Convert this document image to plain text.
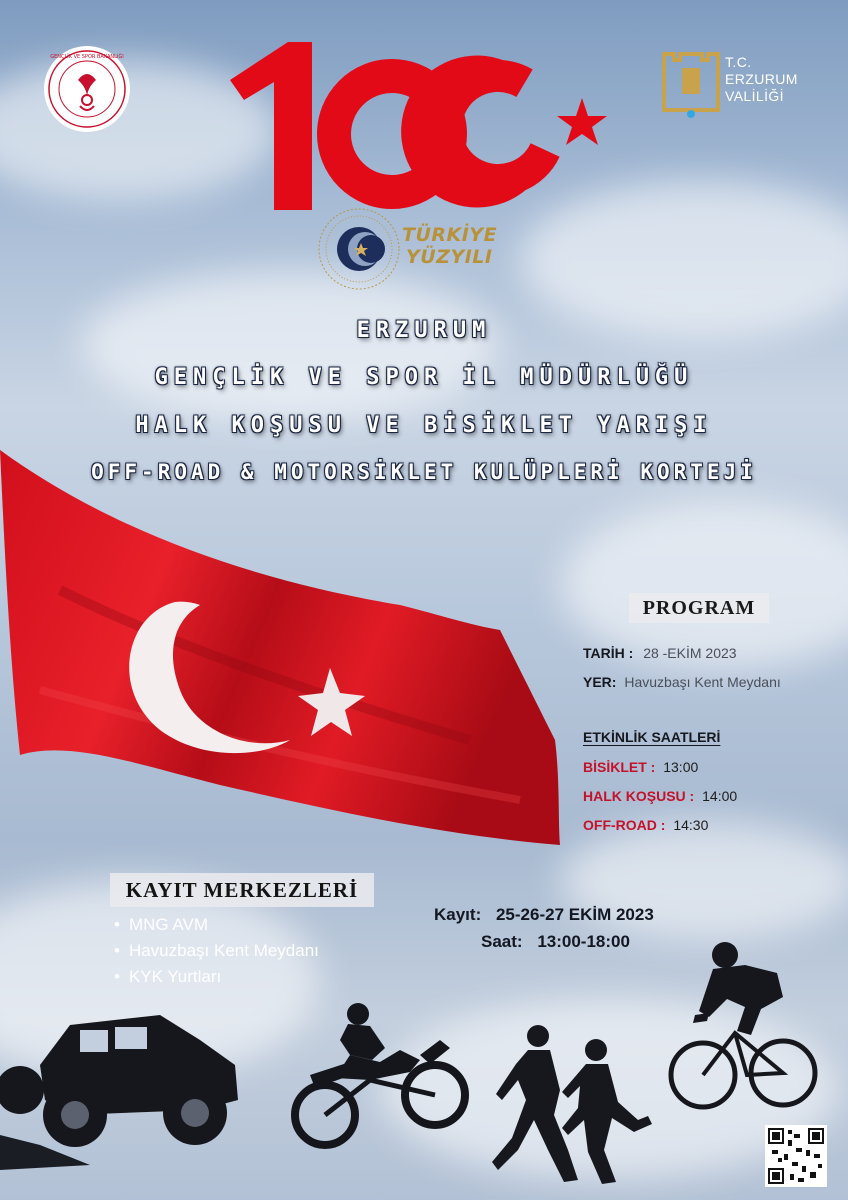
GENÇLİK VE SPOR BAKANLIĞI
TÜRKİYE
YÜZYILI
T.C.
ERZURUM
VALİLİĞİ
ERZURUM
GENÇLİK VE SPOR İL MÜDÜRLÜĞÜ
HALK KOŞUSU VE BİSİKLET YARIŞI
OFF-ROAD & MOTORSİKLET KULÜPLERİ KORTEJİ
PROGRAM
TARİH : 28 -EKİM 2023
YER: Havuzbaşı Kent Meydanı
ETKİNLİK SAATLERİ
BİSİKLET : 13:00
HALK KOŞUSU : 14:00
OFF-ROAD : 14:30
KAYIT MERKEZLERİ
• MNG AVM
• Havuzbaşı Kent Meydanı
• KYK Yurtları
Kayıt: 25-26-27 EKİM 2023
Saat: 13:00-18:00
